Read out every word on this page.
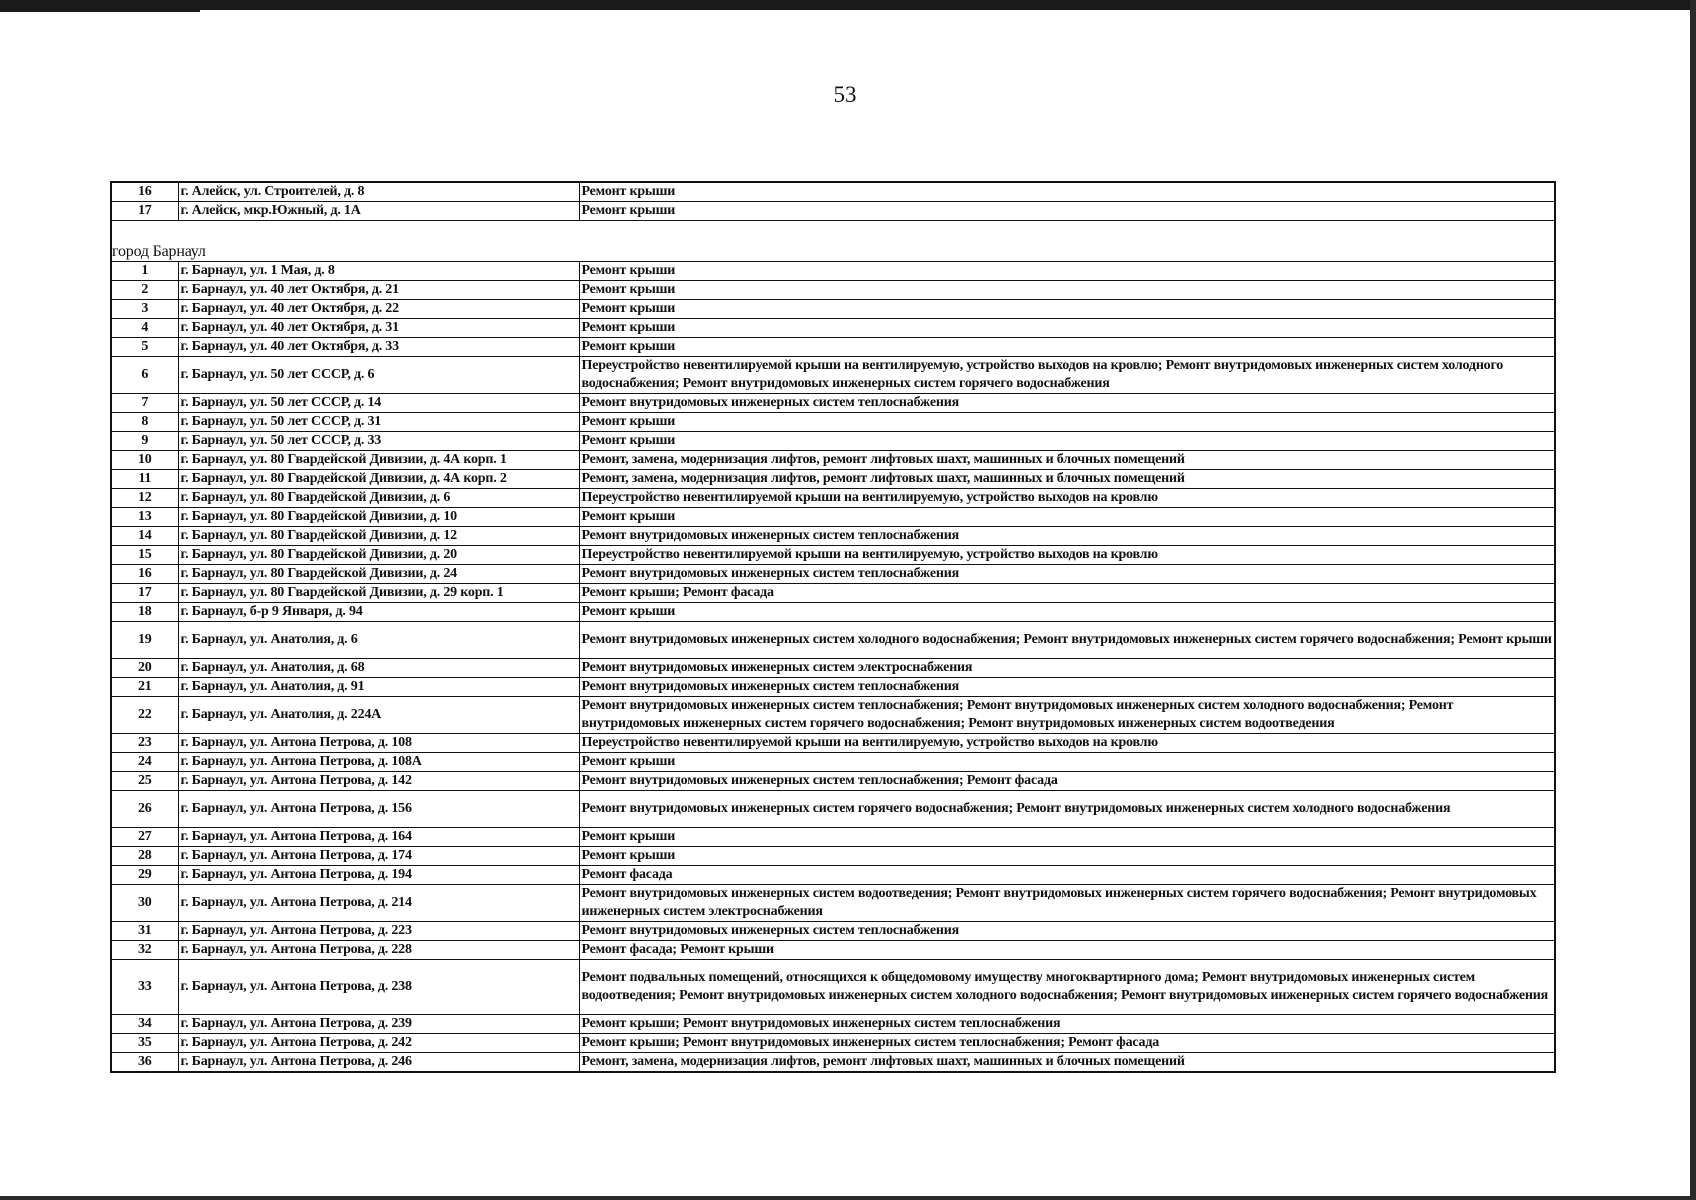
53
16	г. Алейск, ул. Строителей, д. 8	Ремонт крыши
17	г. Алейск, мкр.Южный, д. 1А	Ремонт крыши
город Барнаул		
1	г. Барнаул, ул. 1 Мая, д. 8	Ремонт крыши
2	г. Барнаул, ул. 40 лет Октября, д. 21	Ремонт крыши
3	г. Барнаул, ул. 40 лет Октября, д. 22	Ремонт крыши
4	г. Барнаул, ул. 40 лет Октября, д. 31	Ремонт крыши
5	г. Барнаул, ул. 40 лет Октября, д. 33	Ремонт крыши
6	г. Барнаул, ул. 50 лет СССР, д. 6	Переустройство невентилируемой крыши на вентилируемую, устройство выходов на кровлю; Ремонт внутридомовых инженерных систем холодного водоснабжения; Ремонт внутридомовых инженерных систем горячего водоснабжения
7	г. Барнаул, ул. 50 лет СССР, д. 14	Ремонт внутридомовых инженерных систем теплоснабжения
8	г. Барнаул, ул. 50 лет СССР, д. 31	Ремонт крыши
9	г. Барнаул, ул. 50 лет СССР, д. 33	Ремонт крыши
10	г. Барнаул, ул. 80 Гвардейской Дивизии, д. 4А корп. 1	Ремонт, замена, модернизация лифтов, ремонт лифтовых шахт, машинных и блочных помещений
11	г. Барнаул, ул. 80 Гвардейской Дивизии, д. 4А корп. 2	Ремонт, замена, модернизация лифтов, ремонт лифтовых шахт, машинных и блочных помещений
12	г. Барнаул, ул. 80 Гвардейской Дивизии, д. 6	Переустройство невентилируемой крыши на вентилируемую, устройство выходов на кровлю
13	г. Барнаул, ул. 80 Гвардейской Дивизии, д. 10	Ремонт крыши
14	г. Барнаул, ул. 80 Гвардейской Дивизии, д. 12	Ремонт внутридомовых инженерных систем теплоснабжения
15	г. Барнаул, ул. 80 Гвардейской Дивизии, д. 20	Переустройство невентилируемой крыши на вентилируемую, устройство выходов на кровлю
16	г. Барнаул, ул. 80 Гвардейской Дивизии, д. 24	Ремонт внутридомовых инженерных систем теплоснабжения
17	г. Барнаул, ул. 80 Гвардейской Дивизии, д. 29 корп. 1	Ремонт крыши; Ремонт фасада
18	г. Барнаул, б-р 9 Января, д. 94	Ремонт крыши
19	г. Барнаул, ул. Анатолия, д. 6	Ремонт внутридомовых инженерных систем холодного водоснабжения; Ремонт внутридомовых инженерных систем горячего водоснабжения; Ремонт крыши
20	г. Барнаул, ул. Анатолия, д. 68	Ремонт внутридомовых инженерных систем электроснабжения
21	г. Барнаул, ул. Анатолия, д. 91	Ремонт внутридомовых инженерных систем теплоснабжения
22	г. Барнаул, ул. Анатолия, д. 224А	Ремонт внутридомовых инженерных систем теплоснабжения; Ремонт внутридомовых инженерных систем холодного водоснабжения; Ремонт внутридомовых инженерных систем горячего водоснабжения; Ремонт внутридомовых инженерных систем водоотведения
23	г. Барнаул, ул. Антона Петрова, д. 108	Переустройство невентилируемой крыши на вентилируемую, устройство выходов на кровлю
24	г. Барнаул, ул. Антона Петрова, д. 108А	Ремонт крыши
25	г. Барнаул, ул. Антона Петрова, д. 142	Ремонт внутридомовых инженерных систем теплоснабжения; Ремонт фасада
26	г. Барнаул, ул. Антона Петрова, д. 156	Ремонт внутридомовых инженерных систем горячего водоснабжения; Ремонт внутридомовых инженерных систем холодного водоснабжения
27	г. Барнаул, ул. Антона Петрова, д. 164	Ремонт крыши
28	г. Барнаул, ул. Антона Петрова, д. 174	Ремонт крыши
29	г. Барнаул, ул. Антона Петрова, д. 194	Ремонт фасада
30	г. Барнаул, ул. Антона Петрова, д. 214	Ремонт внутридомовых инженерных систем водоотведения; Ремонт внутридомовых инженерных систем горячего водоснабжения; Ремонт внутридомовых инженерных систем электроснабжения
31	г. Барнаул, ул. Антона Петрова, д. 223	Ремонт внутридомовых инженерных систем теплоснабжения
32	г. Барнаул, ул. Антона Петрова, д. 228	Ремонт фасада; Ремонт крыши
33	г. Барнаул, ул. Антона Петрова, д. 238	Ремонт подвальных помещений, относящихся к общедомовому имуществу многоквартирного дома; Ремонт внутридомовых инженерных систем водоотведения; Ремонт внутридомовых инженерных систем холодного водоснабжения; Ремонт внутридомовых инженерных систем горячего водоснабжения
34	г. Барнаул, ул. Антона Петрова, д. 239	Ремонт крыши; Ремонт внутридомовых инженерных систем теплоснабжения
35	г. Барнаул, ул. Антона Петрова, д. 242	Ремонт крыши; Ремонт внутридомовых инженерных систем теплоснабжения; Ремонт фасада
36	г. Барнаул, ул. Антона Петрова, д. 246	Ремонт, замена, модернизация лифтов, ремонт лифтовых шахт, машинных и блочных помещений
